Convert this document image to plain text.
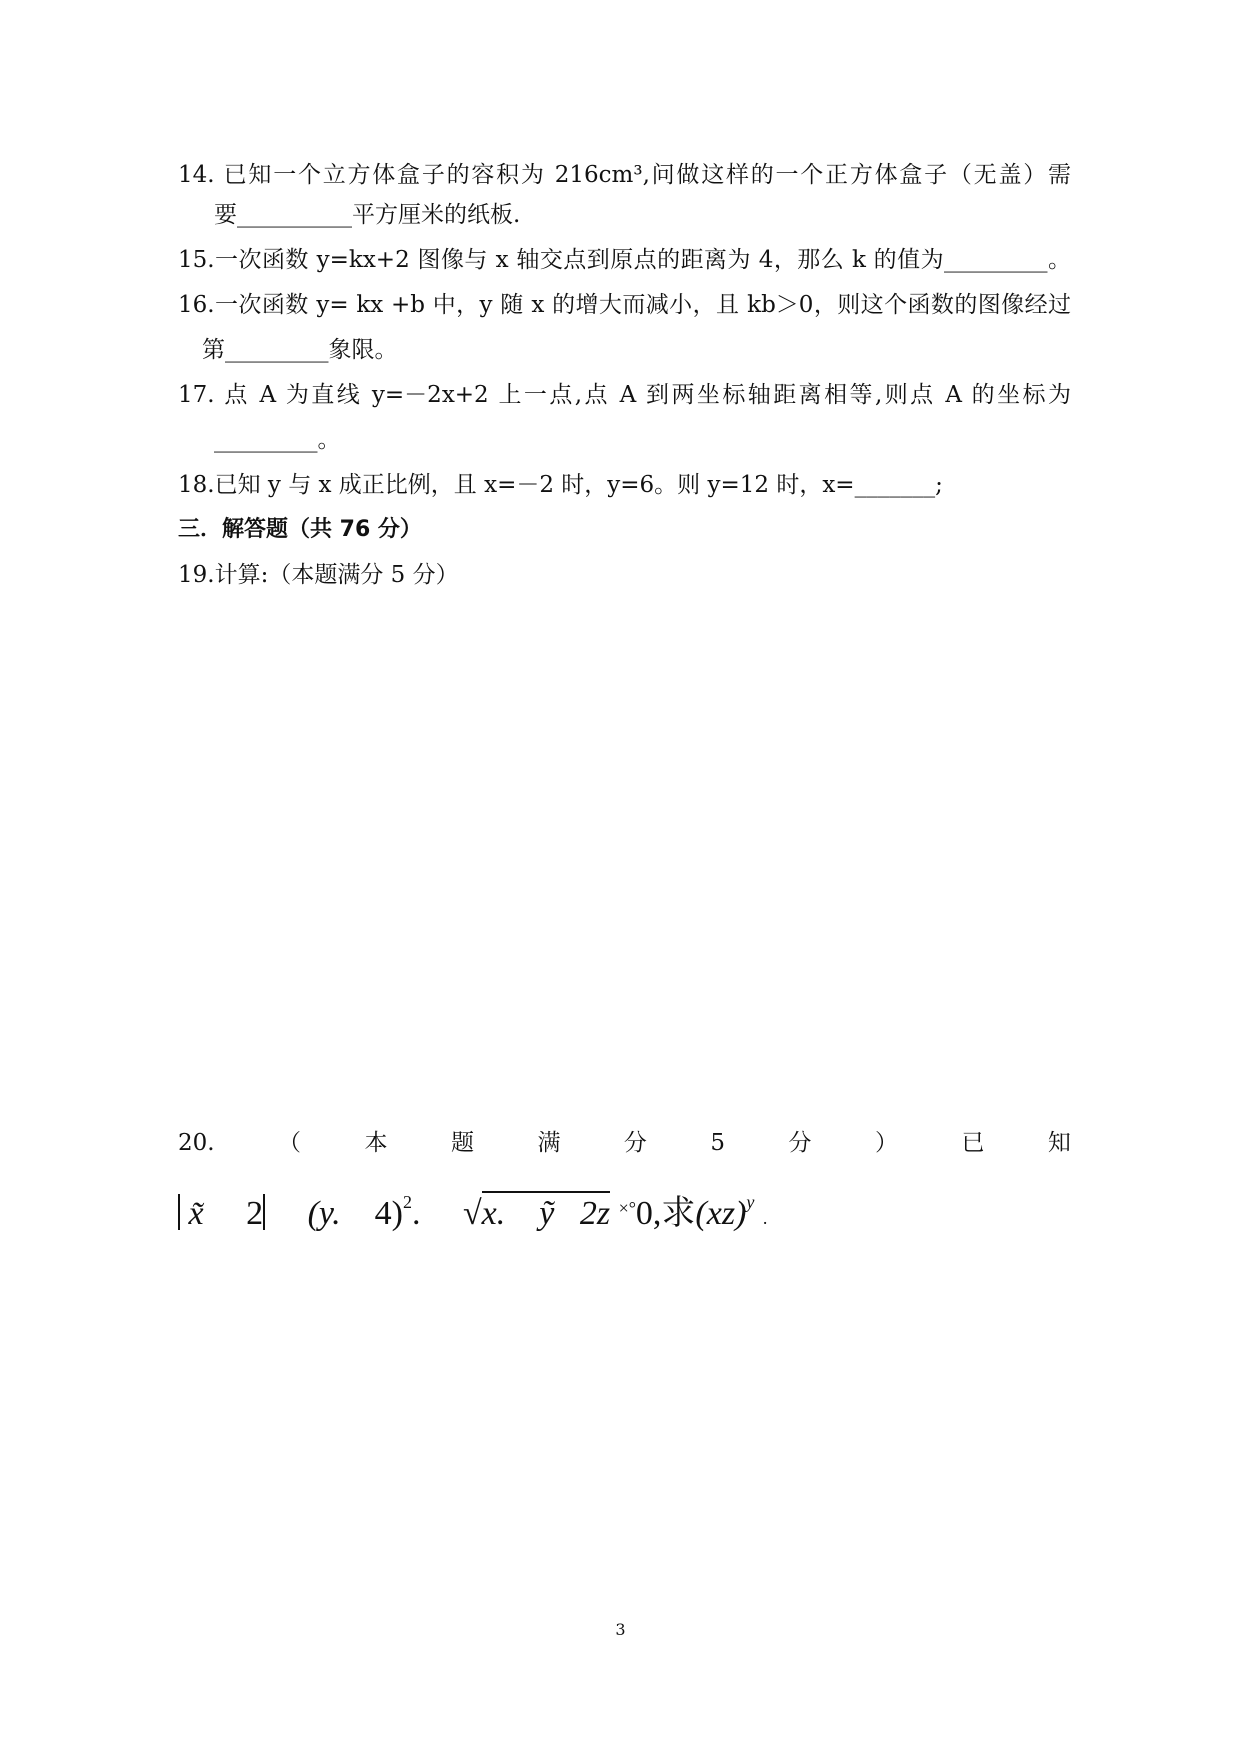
14. 已知一个立方体盒子的容积为 216cm³,问做这样的一个正方体盒子（无盖）需
要__________平方厘米的纸板.
15.一次函数 y=kx+2 图像与 x 轴交点到原点的距离为 4，那么 k 的值为_________。
16.一次函数 y= kx +b 中，y 随 x 的增大而减小，且 kb＞0，则这个函数的图像经过
第_________象限。
17. 点 A 为直线 y=－2x+2 上一点,点 A 到两坐标轴距离相等,则点 A 的坐标为
_________。
18.已知 y 与 x 成正比例，且 x=－2 时，y=6。则 y=12 时，x=_______;
三．解答题（共 76 分）
19.计算:（本题满分 5 分）
20.	（	本	题	满	分	5	分	）	已	知
x̃ 2 (y. 4)$^2$. √x. ỹ 2z ×°0,求(xz)$^y$ .
3
